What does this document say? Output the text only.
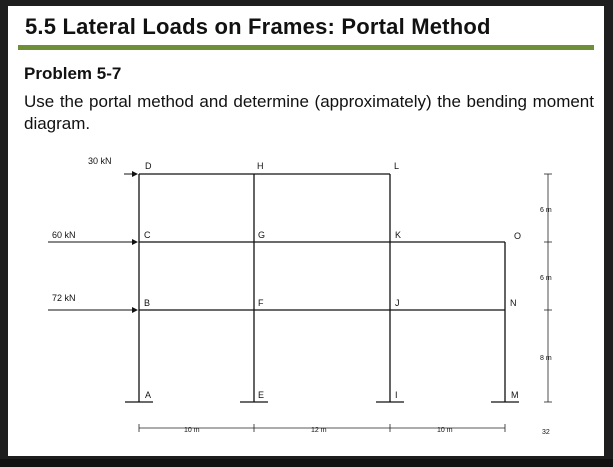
5.5 Lateral Loads on Frames: Portal Method
Problem 5-7
Use the portal method and determine (approximately) the bending moment diagram.
30 kN
60 kN
72 kN
D	H	L
C	G	K	O
B	F	J	N
A	E	I	M
10 m	12 m	10 m
6 m
6 m
8 m
32
